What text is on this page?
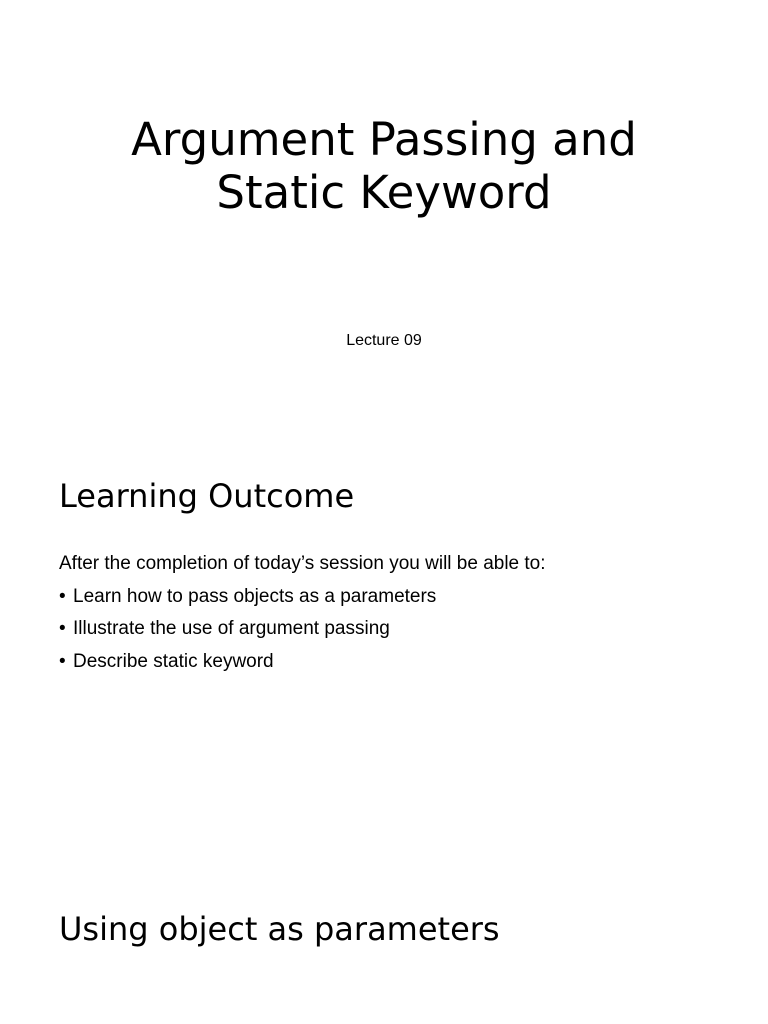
Argument Passing and
Static Keyword

Lecture 09

Learning Outcome

After the completion of today’s session you will be able to:

• Learn how to pass objects as a parameters
• Illustrate the use of argument passing
• Describe static keyword
Using object as parameters
